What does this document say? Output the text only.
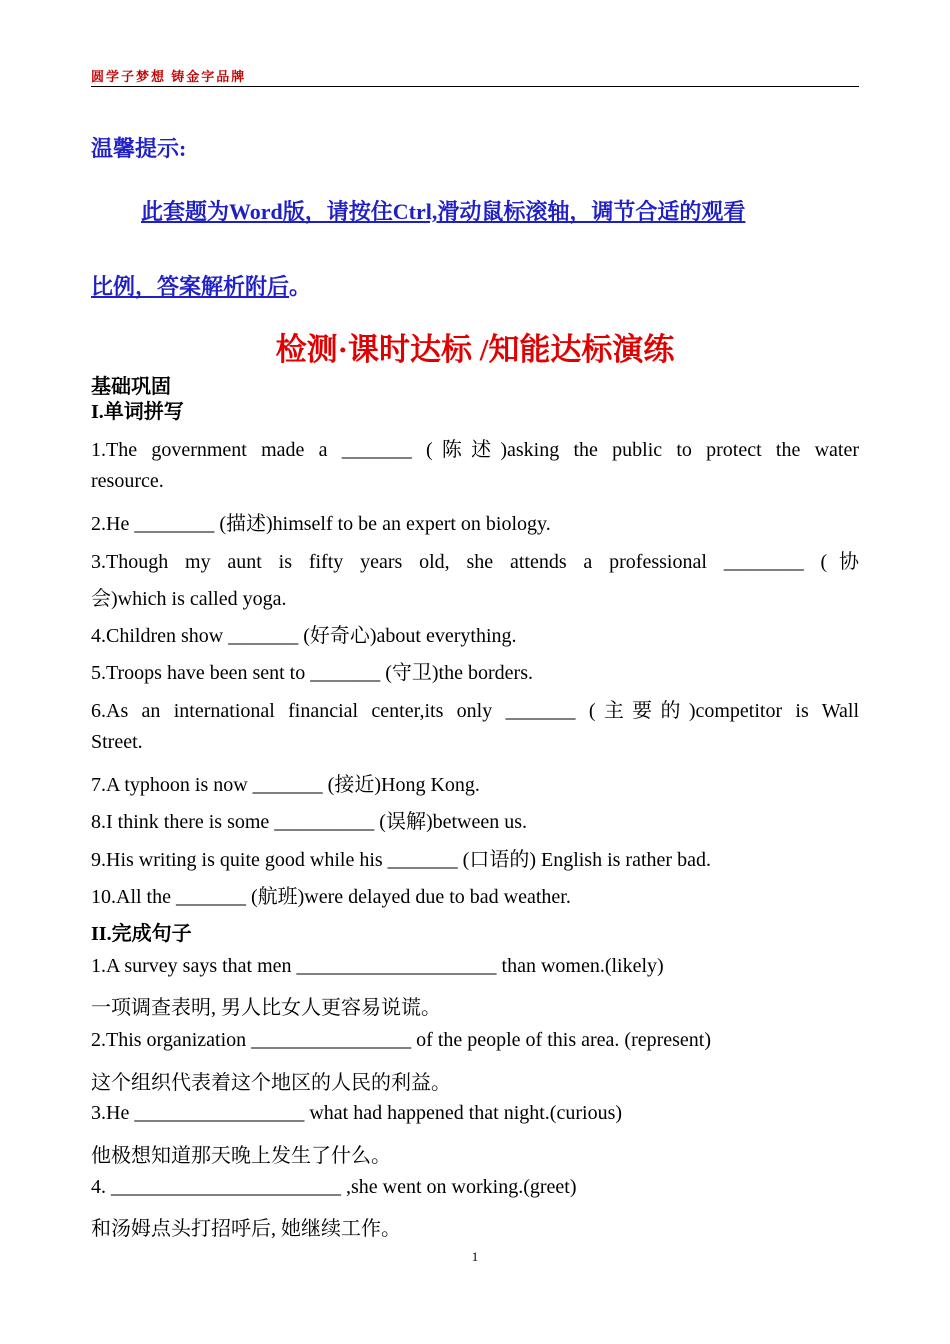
圆学子梦想 铸金字品牌
温馨提示:
此套题为Word版，请按住Ctrl,滑动鼠标滚轴，调节合适的观看
比例，答案解析附后。
检测·课时达标 /知能达标演练
基础巩固
I.单词拼写
1.The government made a _______ (陈述)asking the public to protect the water
resource.
2.He ________ (描述)himself to be an expert on biology.
3.Though my aunt is fifty years old, she attends a professional ________ (协
会)which is called yoga.
4.Children show _______ (好奇心)about everything.
5.Troops have been sent to _______ (守卫)the borders.
6.As an international financial center,its only _______ (主要的)competitor is Wall
Street.
7.A typhoon is now _______ (接近)Hong Kong.
8.I think there is some __________ (误解)between us.
9.His writing is quite good while his _______ (口语的) English is rather bad.
10.All the _______ (航班)were delayed due to bad weather.
II.完成句子
1.A survey says that men ____________________ than women.(likely)
一项调查表明, 男人比女人更容易说谎。
2.This organization ________________ of the people of this area. (represent)
这个组织代表着这个地区的人民的利益。
3.He _________________ what had happened that night.(curious)
他极想知道那天晚上发生了什么。
4. _______________________ ,she went on working.(greet)
和汤姆点头打招呼后, 她继续工作。
1
